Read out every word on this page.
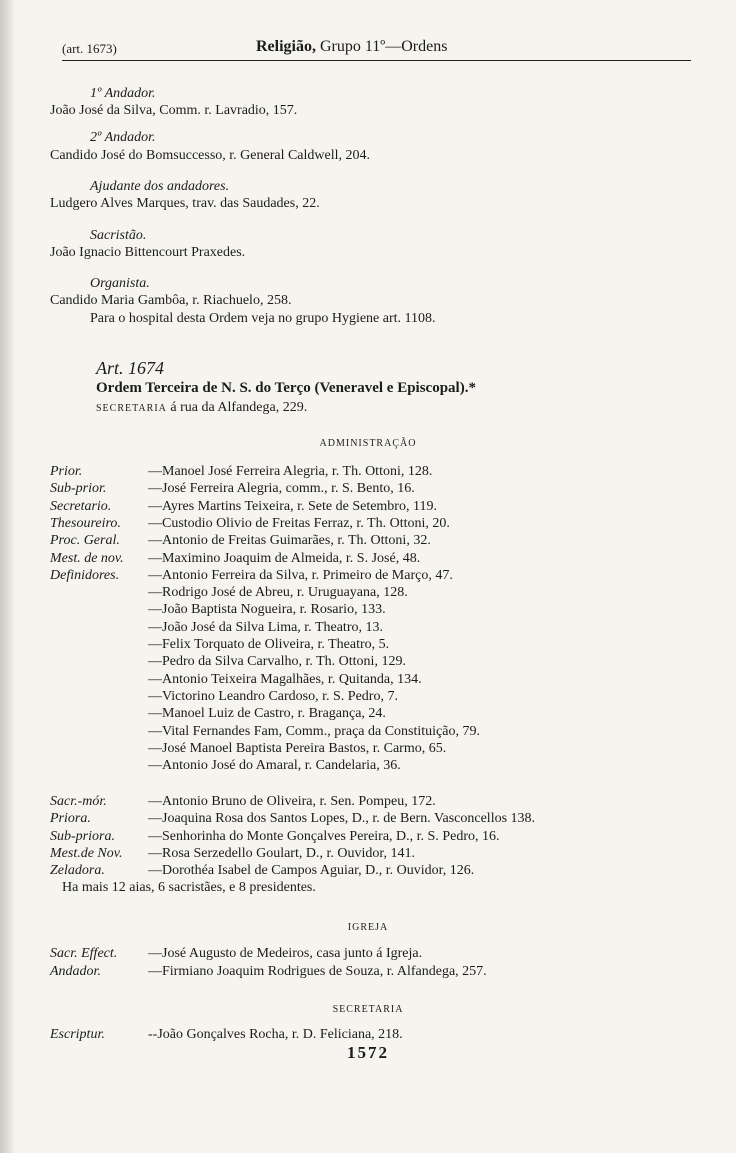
(art. 1673)	Religião, Grupo 11º—Ordens
1º Andador.
João José da Silva, Comm. r. Lavradio, 157.
2º Andador.
Candido José do Bomsuccesso, r. General Caldwell, 204.
Ajudante dos andadores.
Ludgero Alves Marques, trav. das Saudades, 22.
Sacristão.
João Ignacio Bittencourt Praxedes.
Organista.
Candido Maria Gambôa, r. Riachuelo, 258.
Para o hospital desta Ordem veja no grupo Hygiene art. 1108.
Art. 1674
Ordem Terceira de N. S. do Terço (Veneravel e Episcopal).*
SECRETARIA á rua da Alfandega, 229.
ADMINISTRAÇÃO
Prior.	—Manoel José Ferreira Alegria, r. Th. Ottoni, 128.
Sub-prior.	—José Ferreira Alegria, comm., r. S. Bento, 16.
Secretario.	—Ayres Martins Teixeira, r. Sete de Setembro, 119.
Thesoureiro. —Custodio Olivio de Freitas Ferraz, r. Th. Ottoni, 20.
Proc. Geral. —Antonio de Freitas Guimarães, r. Th. Ottoni, 32.
Mest. de nov. —Maximino Joaquim de Almeida, r. S. José, 48.
Definidores. —Antonio Ferreira da Silva, r. Primeiro de Março, 47.
—Rodrigo José de Abreu, r. Uruguayana, 128.
—João Baptista Nogueira, r. Rosario, 133.
—João José da Silva Lima, r. Theatro, 13.
—Felix Torquato de Oliveira, r. Theatro, 5.
—Pedro da Silva Carvalho, r. Th. Ottoni, 129.
—Antonio Teixeira Magalhães, r. Quitanda, 134.
—Victorino Leandro Cardoso, r. S. Pedro, 7.
—Manoel Luiz de Castro, r. Bragança, 24.
—Vital Fernandes Fam, Comm., praça da Constituição, 79.
—José Manoel Baptista Pereira Bastos, r. Carmo, 65.
—Antonio José do Amaral, r. Candelaria, 36.
Sacr.-mór.	—Antonio Bruno de Oliveira, r. Sen. Pompeu, 172.
Priora.	—Joaquina Rosa dos Santos Lopes, D., r. de Bern. Vasconcellos 138.
Sub-priora. —Senhorinha do Monte Gonçalves Pereira, D., r. S. Pedro, 16.
Mest.de Nov. —Rosa Serzedello Goulart, D., r. Ouvidor, 141.
Zeladora.	—Dorothéa Isabel de Campos Aguiar, D., r. Ouvidor, 126.
Ha mais 12 aias, 6 sacristães, e 8 presidentes.
IGREJA
Sacr. Effect. —José Augusto de Medeiros, casa junto á Igreja.
Andador.	—Firmiano Joaquim Rodrigues de Souza, r. Alfandega, 257.
SECRETARIA
Escriptur.	--João Gonçalves Rocha, r. D. Feliciana, 218.
1572
